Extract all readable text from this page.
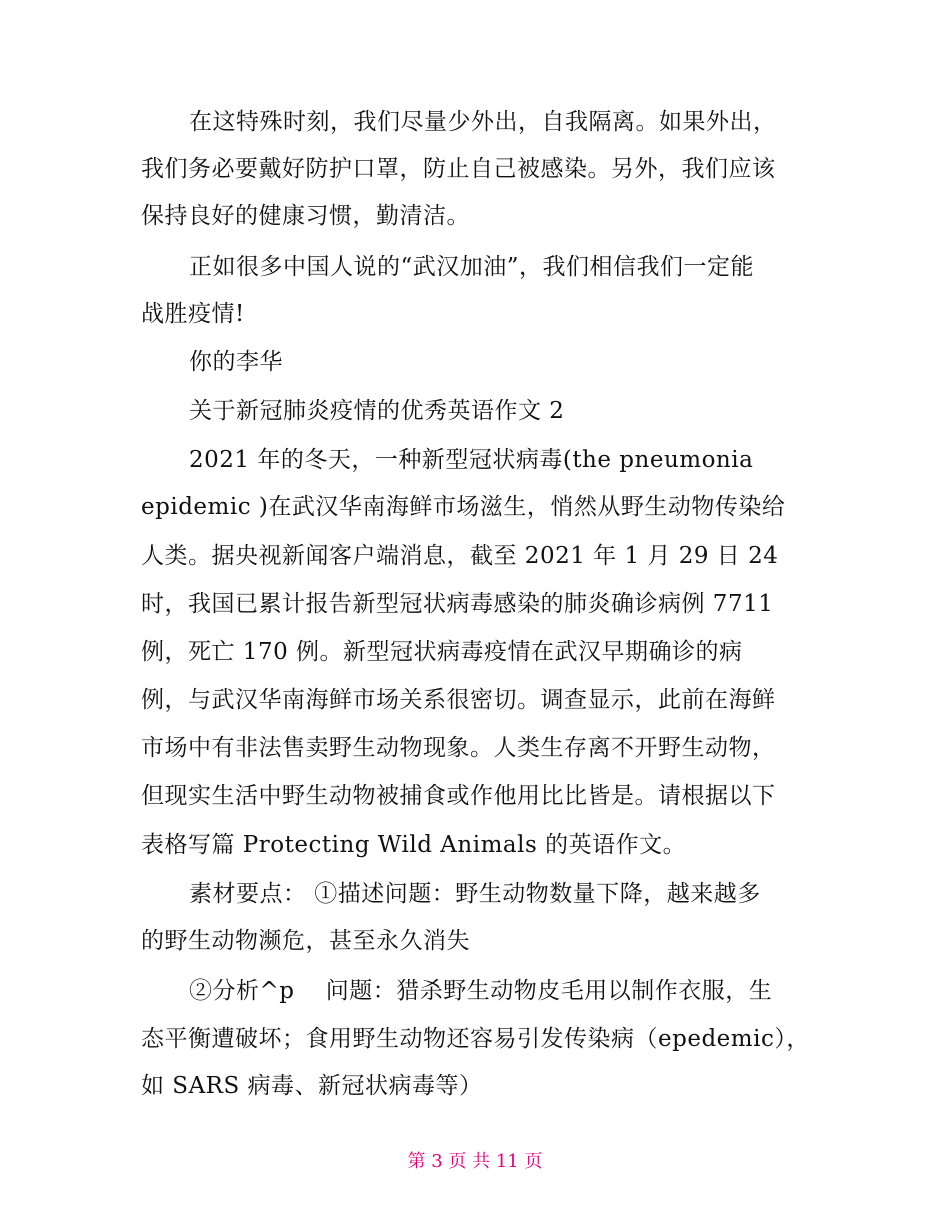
在这特殊时刻，我们尽量少外出，自我隔离。如果外出，
我们务必要戴好防护口罩，防止自己被感染。另外，我们应该
保持良好的健康习惯，勤清洁。
正如很多中国人说的“武汉加油”，我们相信我们一定能
战胜疫情!
你的李华
关于新冠肺炎疫情的优秀英语作文 2
2021 年的冬天，一种新型冠状病毒(the pneumonia
epidemic )在武汉华南海鲜市场滋生，悄然从野生动物传染给
人类。据央视新闻客户端消息，截至 2021 年 1 月 29 日 24
时，我国已累计报告新型冠状病毒感染的肺炎确诊病例 7711
例，死亡 170 例。新型冠状病毒疫情在武汉早期确诊的病
例，与武汉华南海鲜市场关系很密切。调查显示，此前在海鲜
市场中有非法售卖野生动物现象。人类生存离不开野生动物，
但现实生活中野生动物被捕食或作他用比比皆是。请根据以下
表格写篇 Protecting Wild Animals 的英语作文。
素材要点： ①描述问题：野生动物数量下降，越来越多
的野生动物濒危，甚至永久消失
②分析^p    问题：猎杀野生动物皮毛用以制作衣服，生
态平衡遭破坏；食用野生动物还容易引发传染病（epedemic），
如 SARS 病毒、新冠状病毒等）
第 3 页 共 11 页
